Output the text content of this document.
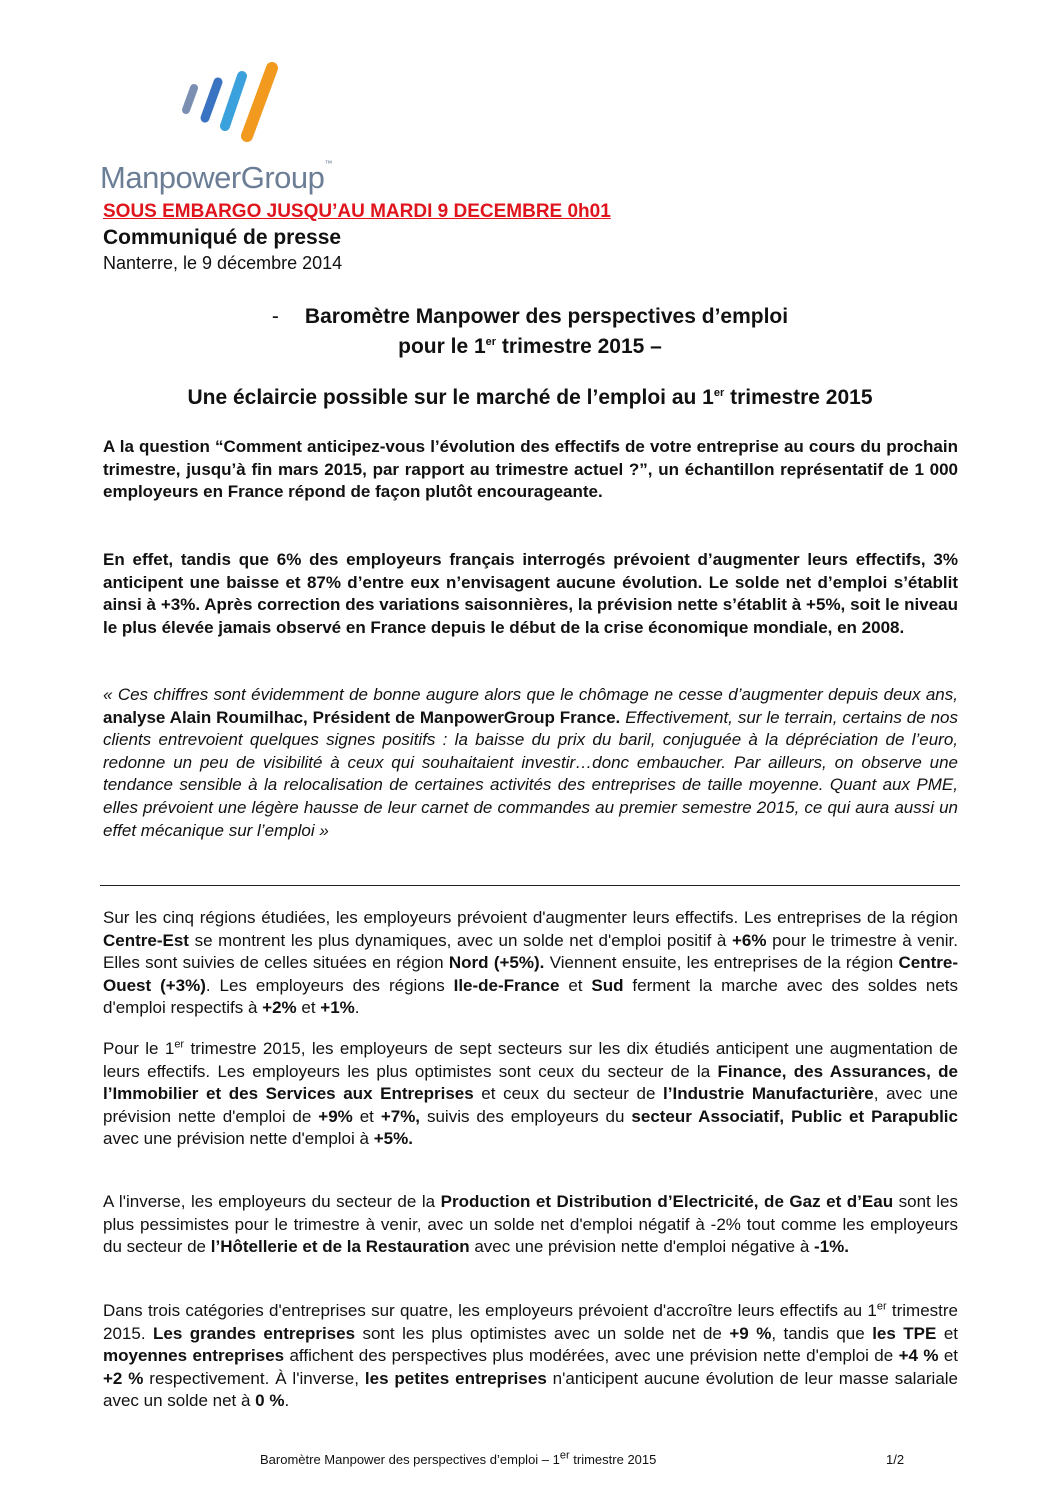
ManpowerGroup™
SOUS EMBARGO JUSQU’AU MARDI 9 DECEMBRE 0h01
Communiqué de presse
Nanterre, le 9 décembre 2014
- Baromètre Manpower des perspectives d’emploi
pour le 1er trimestre 2015 –
Une éclaircie possible sur le marché de l’emploi au 1er trimestre 2015
A la question “Comment anticipez-vous l’évolution des effectifs de votre entreprise au cours du prochain trimestre, jusqu’à fin mars 2015, par rapport au trimestre actuel ?”, un échantillon représentatif de 1 000 employeurs en France répond de façon plutôt encourageante.
En effet, tandis que 6% des employeurs français interrogés prévoient d’augmenter leurs effectifs, 3% anticipent une baisse et 87% d’entre eux n’envisagent aucune évolution. Le solde net d’emploi s’établit ainsi à +3%. Après correction des variations saisonnières, la prévision nette s’établit à +5%, soit le niveau le plus élevée jamais observé en France depuis le début de la crise économique mondiale, en 2008.
« Ces chiffres sont évidemment de bonne augure alors que le chômage ne cesse d’augmenter depuis deux ans, analyse Alain Roumilhac, Président de ManpowerGroup France. Effectivement, sur le terrain, certains de nos clients entrevoient quelques signes positifs : la baisse du prix du baril, conjuguée à la dépréciation de l’euro, redonne un peu de visibilité à ceux qui souhaitaient investir…donc embaucher. Par ailleurs, on observe une tendance sensible à la relocalisation de certaines activités des entreprises de taille moyenne. Quant aux PME, elles prévoient une légère hausse de leur carnet de commandes au premier semestre 2015, ce qui aura aussi un effet mécanique sur l’emploi »
Sur les cinq régions étudiées, les employeurs prévoient d'augmenter leurs effectifs. Les entreprises de la région Centre-Est se montrent les plus dynamiques, avec un solde net d'emploi positif à +6% pour le trimestre à venir. Elles sont suivies de celles situées en région Nord (+5%). Viennent ensuite, les entreprises de la région Centre-Ouest (+3%). Les employeurs des régions Ile-de-France et Sud ferment la marche avec des soldes nets d'emploi respectifs à +2% et +1%.
Pour le 1er trimestre 2015, les employeurs de sept secteurs sur les dix étudiés anticipent une augmentation de leurs effectifs. Les employeurs les plus optimistes sont ceux du secteur de la Finance, des Assurances, de l’Immobilier et des Services aux Entreprises et ceux du secteur de l’Industrie Manufacturière, avec une prévision nette d'emploi de +9% et +7%, suivis des employeurs du secteur Associatif, Public et Parapublic avec une prévision nette d'emploi à +5%.
A l'inverse, les employeurs du secteur de la Production et Distribution d’Electricité, de Gaz et d’Eau sont les plus pessimistes pour le trimestre à venir, avec un solde net d'emploi négatif à -2% tout comme les employeurs du secteur de l’Hôtellerie et de la Restauration avec une prévision nette d'emploi négative à -1%.
Dans trois catégories d'entreprises sur quatre, les employeurs prévoient d'accroître leurs effectifs au 1er trimestre 2015. Les grandes entreprises sont les plus optimistes avec un solde net de +9 %, tandis que les TPE et moyennes entreprises affichent des perspectives plus modérées, avec une prévision nette d'emploi de +4 % et +2 % respectivement. À l'inverse, les petites entreprises n'anticipent aucune évolution de leur masse salariale avec un solde net à 0 %.
Baromètre Manpower des perspectives d’emploi – 1er trimestre 2015	1/2
